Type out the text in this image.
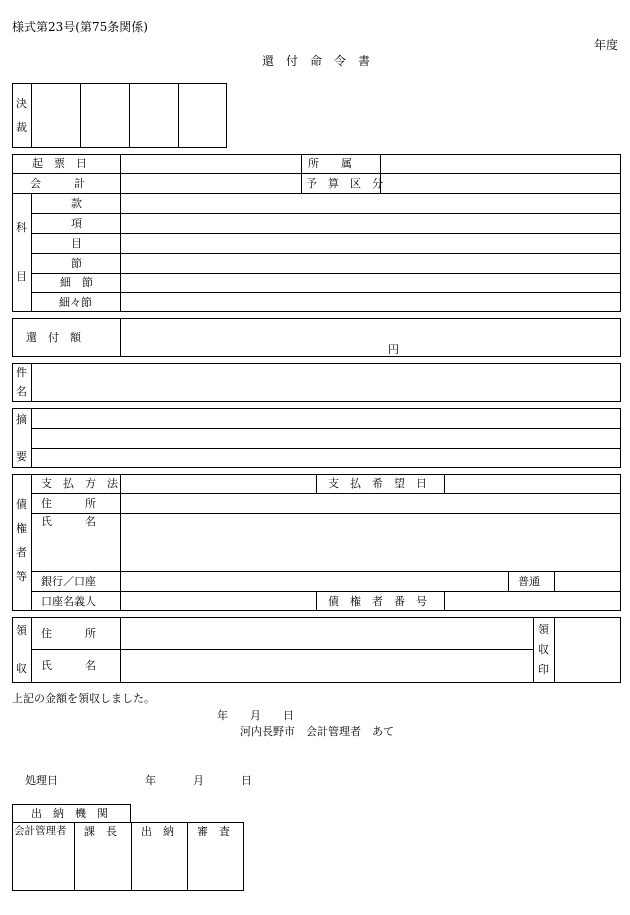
様式第23号(第75条関係)
年度
還　付　命　令　書
決
裁
起　票　日	所　　属
会　　　計	予　算　区　分
科
目
款
項
目
節
細　節
細々節
還　付　額
円
件
名
摘
要
債
権
者
等
支　払　方　法	支　払　希　望　日
住　　　所
氏　　　名
銀行／口座	普通
口座名義人	債　権　者　番　号
領
収
住　　　所
氏　　　名
領
収
印
上記の金額を領収しました。
年　　月　　日
河内長野市　会計管理者　あて
処理日	年	月	日
出　納　機　関
会計管理者 課　長 出　納 審　査
